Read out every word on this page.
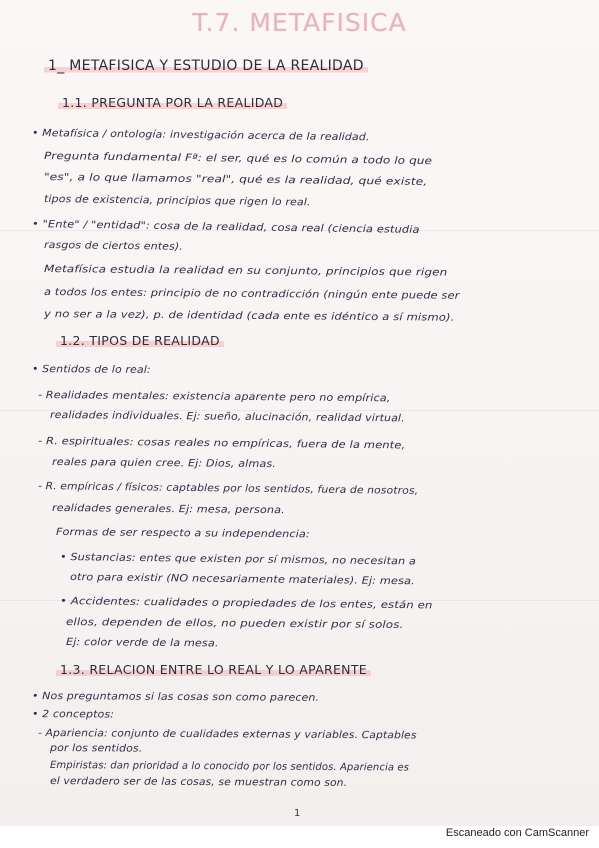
T.7. METAFISICA
1_ METAFISICA Y ESTUDIO DE LA REALIDAD
1.1. PREGUNTA POR LA REALIDAD
• Metafísica / ontología: investigación acerca de la realidad.
Pregunta fundamental Fª: el ser, qué es lo común a todo lo que
"es", a lo que llamamos "real", qué es la realidad, qué existe,
tipos de existencia, principios que rigen lo real.
• "Ente" / "entidad": cosa de la realidad, cosa real (ciencia estudia
rasgos de ciertos entes).
Metafísica estudia la realidad en su conjunto, principios que rigen
a todos los entes: principio de no contradicción (ningún ente puede ser
y no ser a la vez), p. de identidad (cada ente es idéntico a sí mismo).
1.2. TIPOS DE REALIDAD
• Sentidos de lo real:
- Realidades mentales: existencia aparente pero no empírica,
realidades individuales. Ej: sueño, alucinación, realidad virtual.
- R. espirituales: cosas reales no empíricas, fuera de la mente,
reales para quien cree. Ej: Dios, almas.
- R. empíricas / físicos: captables por los sentidos, fuera de nosotros,
realidades generales. Ej: mesa, persona.
Formas de ser respecto a su independencia:
• Sustancias: entes que existen por sí mismos, no necesitan a
otro para existir (NO necesariamente materiales). Ej: mesa.
• Accidentes: cualidades o propiedades de los entes, están en
ellos, dependen de ellos, no pueden existir por sí solos.
Ej: color verde de la mesa.
1.3. RELACION ENTRE LO REAL Y LO APARENTE
• Nos preguntamos si las cosas son como parecen.
• 2 conceptos:
- Apariencia: conjunto de cualidades externas y variables. Captables
por los sentidos.
Empiristas: dan prioridad a lo conocido por los sentidos. Apariencia es
el verdadero ser de las cosas, se muestran como son.
1
Escaneado con CamScanner
